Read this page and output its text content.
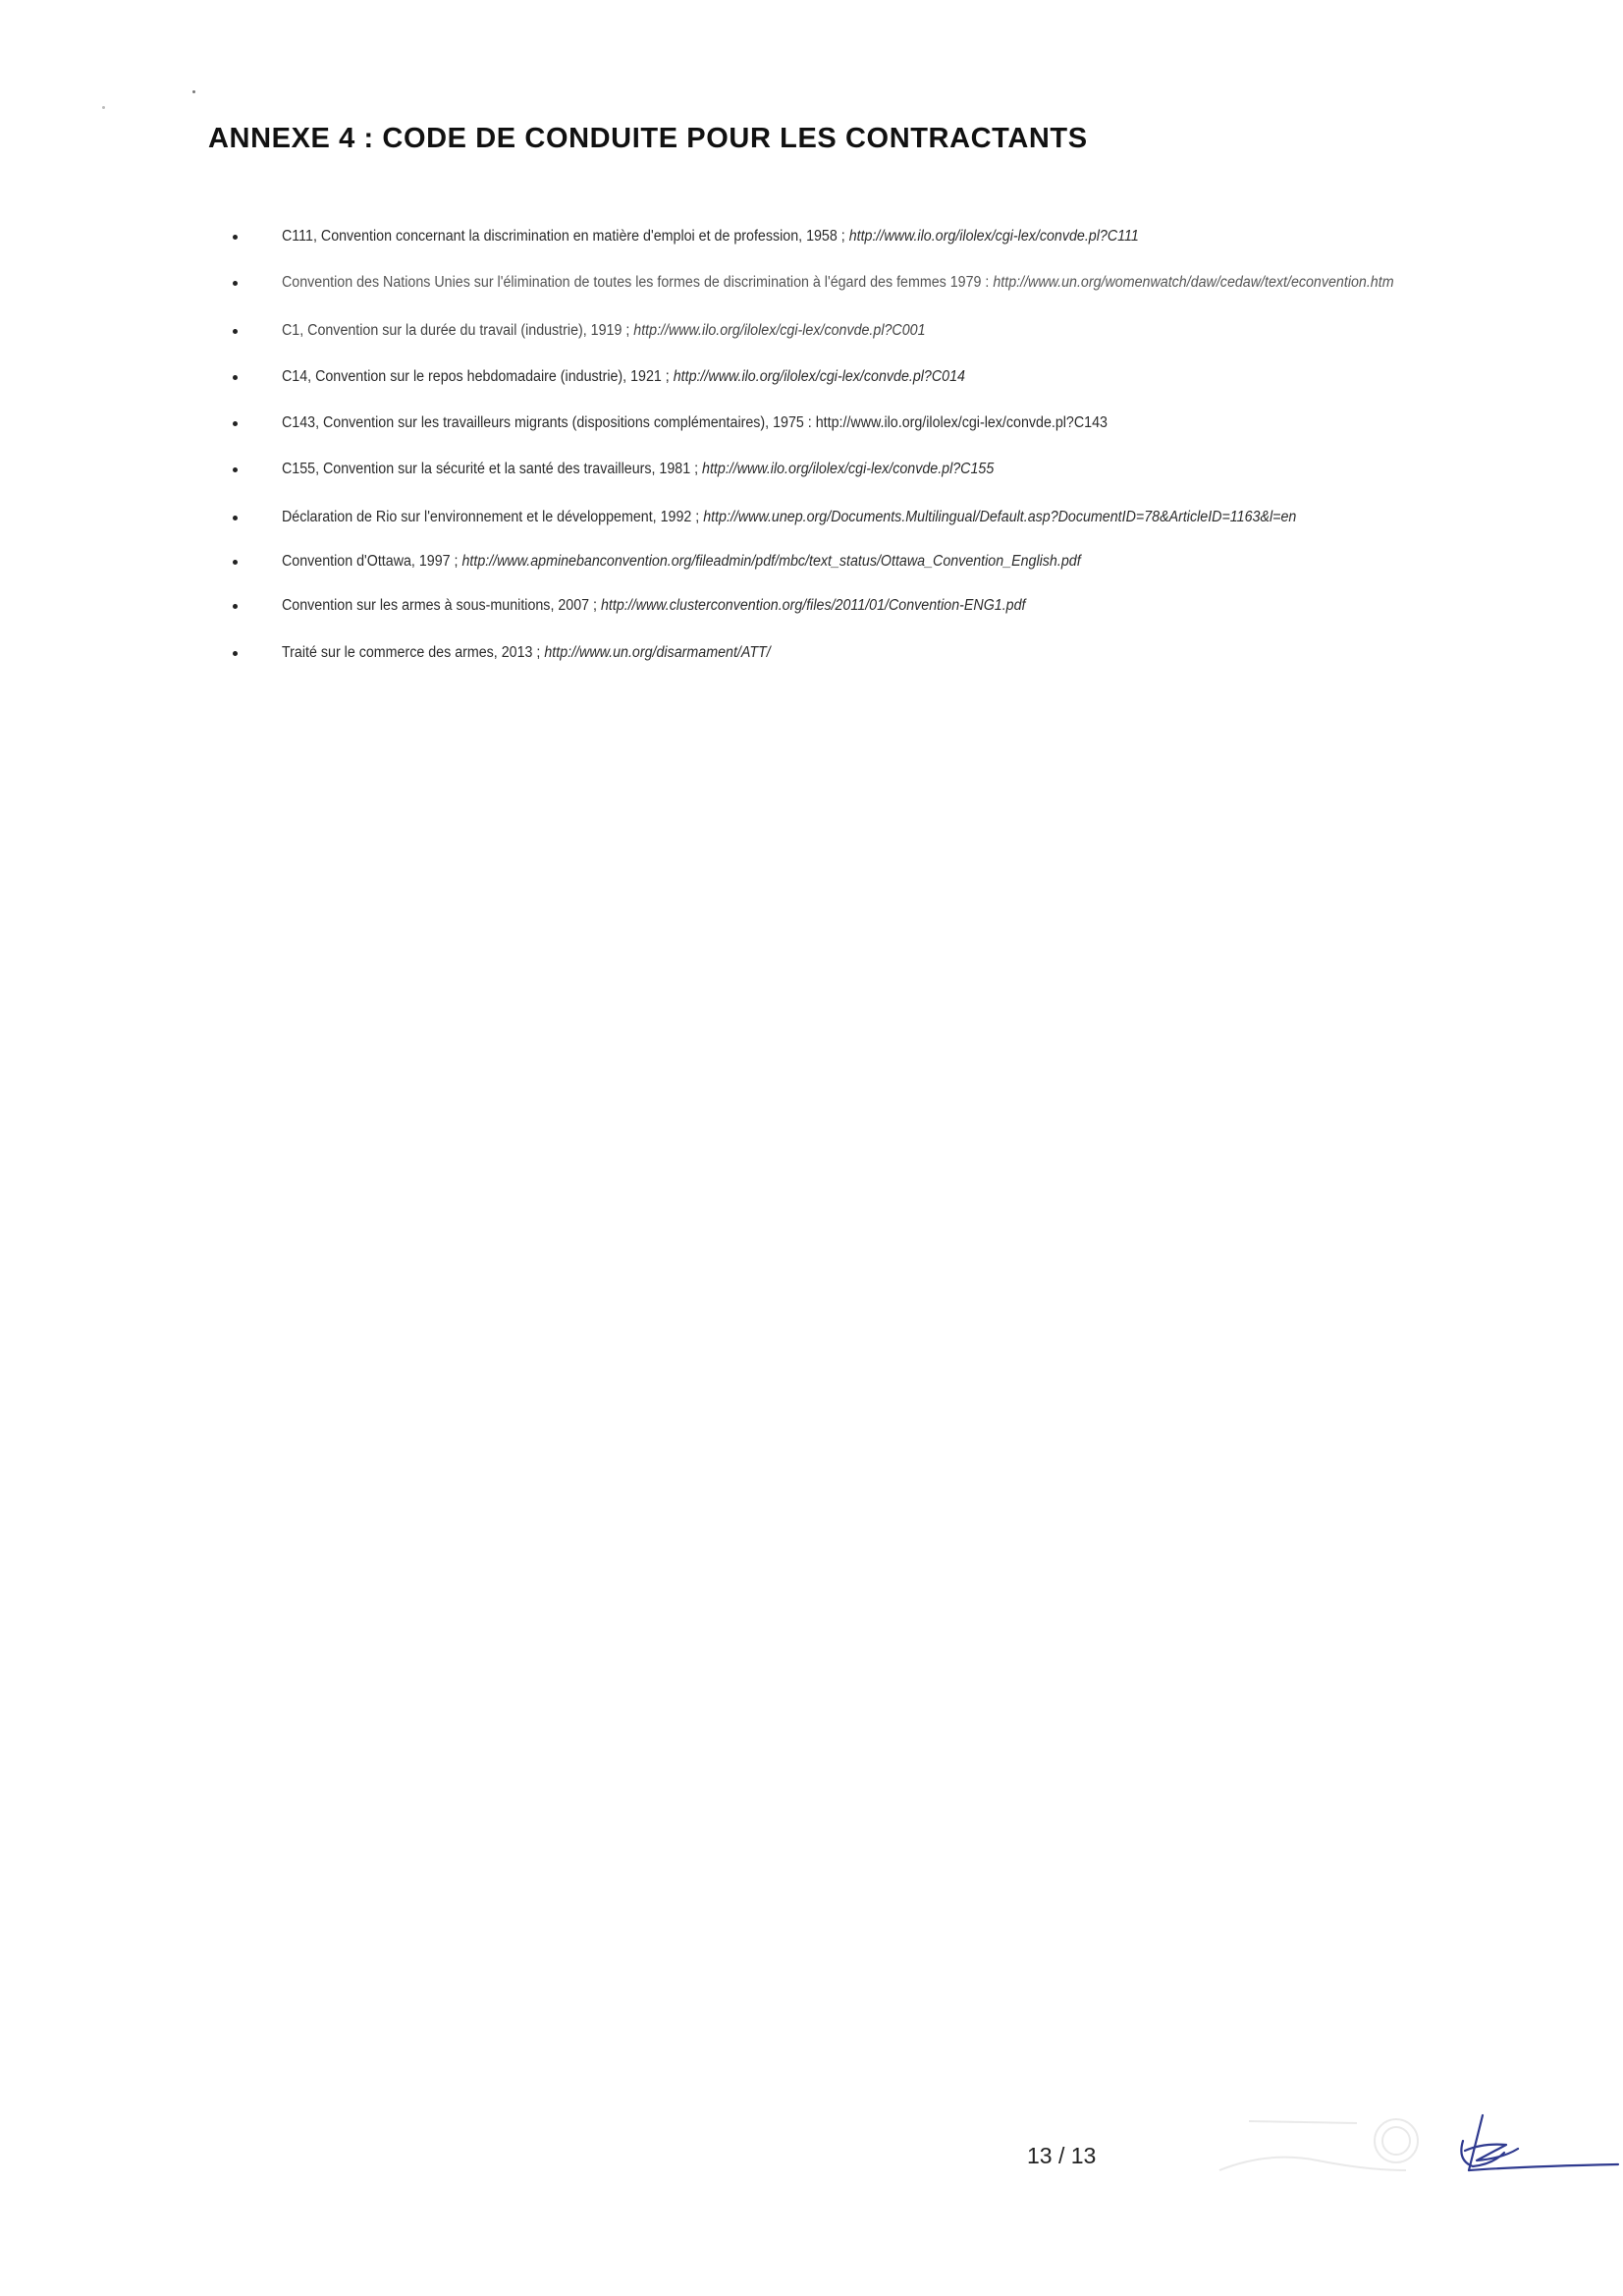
ANNEXE 4 : CODE DE CONDUITE POUR LES CONTRACTANTS
C111, Convention concernant la discrimination en matière d'emploi et de profession, 1958 ; http://www.ilo.org/ilolex/cgi-lex/convde.pl?C111
Convention des Nations Unies sur l'élimination de toutes les formes de discrimination à l'égard des femmes 1979 : http://www.un.org/womenwatch/daw/cedaw/text/econvention.htm
C1, Convention sur la durée du travail (industrie), 1919 ; http://www.ilo.org/ilolex/cgi-lex/convde.pl?C001
C14, Convention sur le repos hebdomadaire (industrie), 1921 ; http://www.ilo.org/ilolex/cgi-lex/convde.pl?C014
C143, Convention sur les travailleurs migrants (dispositions complémentaires), 1975 : http://www.ilo.org/ilolex/cgi-lex/convde.pl?C143
C155, Convention sur la sécurité et la santé des travailleurs, 1981 ; http://www.ilo.org/ilolex/cgi-lex/convde.pl?C155
Déclaration de Rio sur l'environnement et le développement, 1992 ; http://www.unep.org/Documents.Multilingual/Default.asp?DocumentID=78&ArticleID=1163&l=en
Convention d'Ottawa, 1997 ; http://www.apminebanconvention.org/fileadmin/pdf/mbc/text_status/Ottawa_Convention_English.pdf
Convention sur les armes à sous-munitions, 2007 ; http://www.clusterconvention.org/files/2011/01/Convention-ENG1.pdf
Traité sur le commerce des armes, 2013 ; http://www.un.org/disarmament/ATT/
13 / 13
